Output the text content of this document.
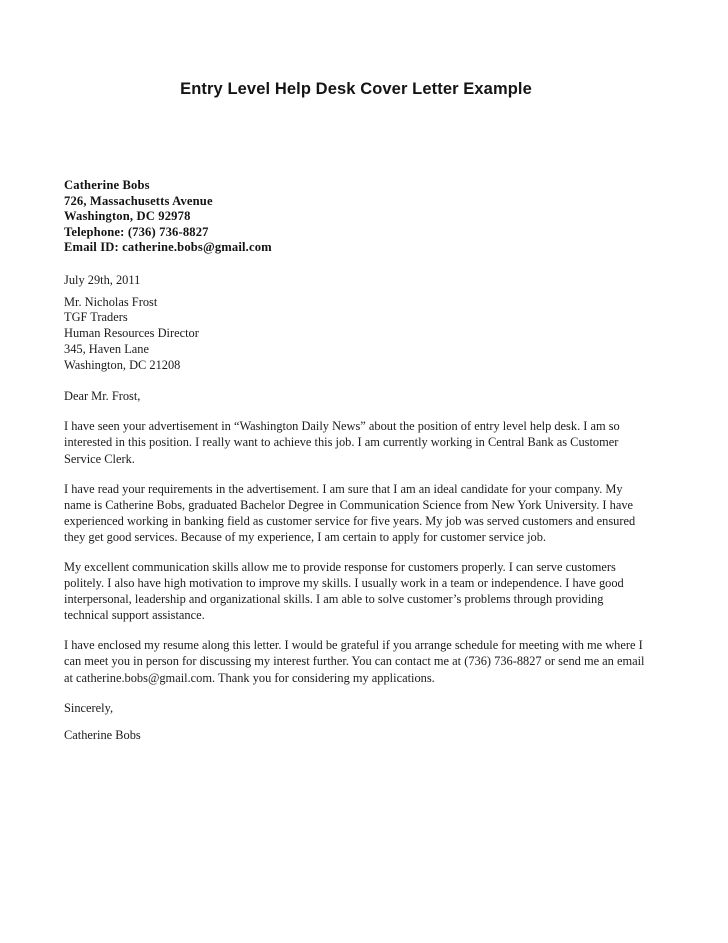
Entry Level Help Desk Cover Letter Example
Catherine Bobs
726, Massachusetts Avenue
Washington, DC 92978
Telephone: (736) 736-8827
Email ID: catherine.bobs@gmail.com
July 29th, 2011
Mr. Nicholas Frost
TGF Traders
Human Resources Director
345, Haven Lane
Washington, DC 21208
Dear Mr. Frost,
I have seen your advertisement in “Washington Daily News” about the position of entry level help desk. I am so interested in this position. I really want to achieve this job. I am currently working in Central Bank as Customer Service Clerk.
I have read your requirements in the advertisement. I am sure that I am an ideal candidate for your company. My name is Catherine Bobs, graduated Bachelor Degree in Communication Science from New York University. I have experienced working in banking field as customer service for five years. My job was served customers and ensured they get good services. Because of my experience, I am certain to apply for customer service job.
My excellent communication skills allow me to provide response for customers properly. I can serve customers politely. I also have high motivation to improve my skills. I usually work in a team or independence. I have good interpersonal, leadership and organizational skills. I am able to solve customer’s problems through providing technical support assistance.
I have enclosed my resume along this letter. I would be grateful if you arrange schedule for meeting with me where I can meet you in person for discussing my interest further. You can contact me at (736) 736-8827 or send me an email at catherine.bobs@gmail.com. Thank you for considering my applications.
Sincerely,
Catherine Bobs
